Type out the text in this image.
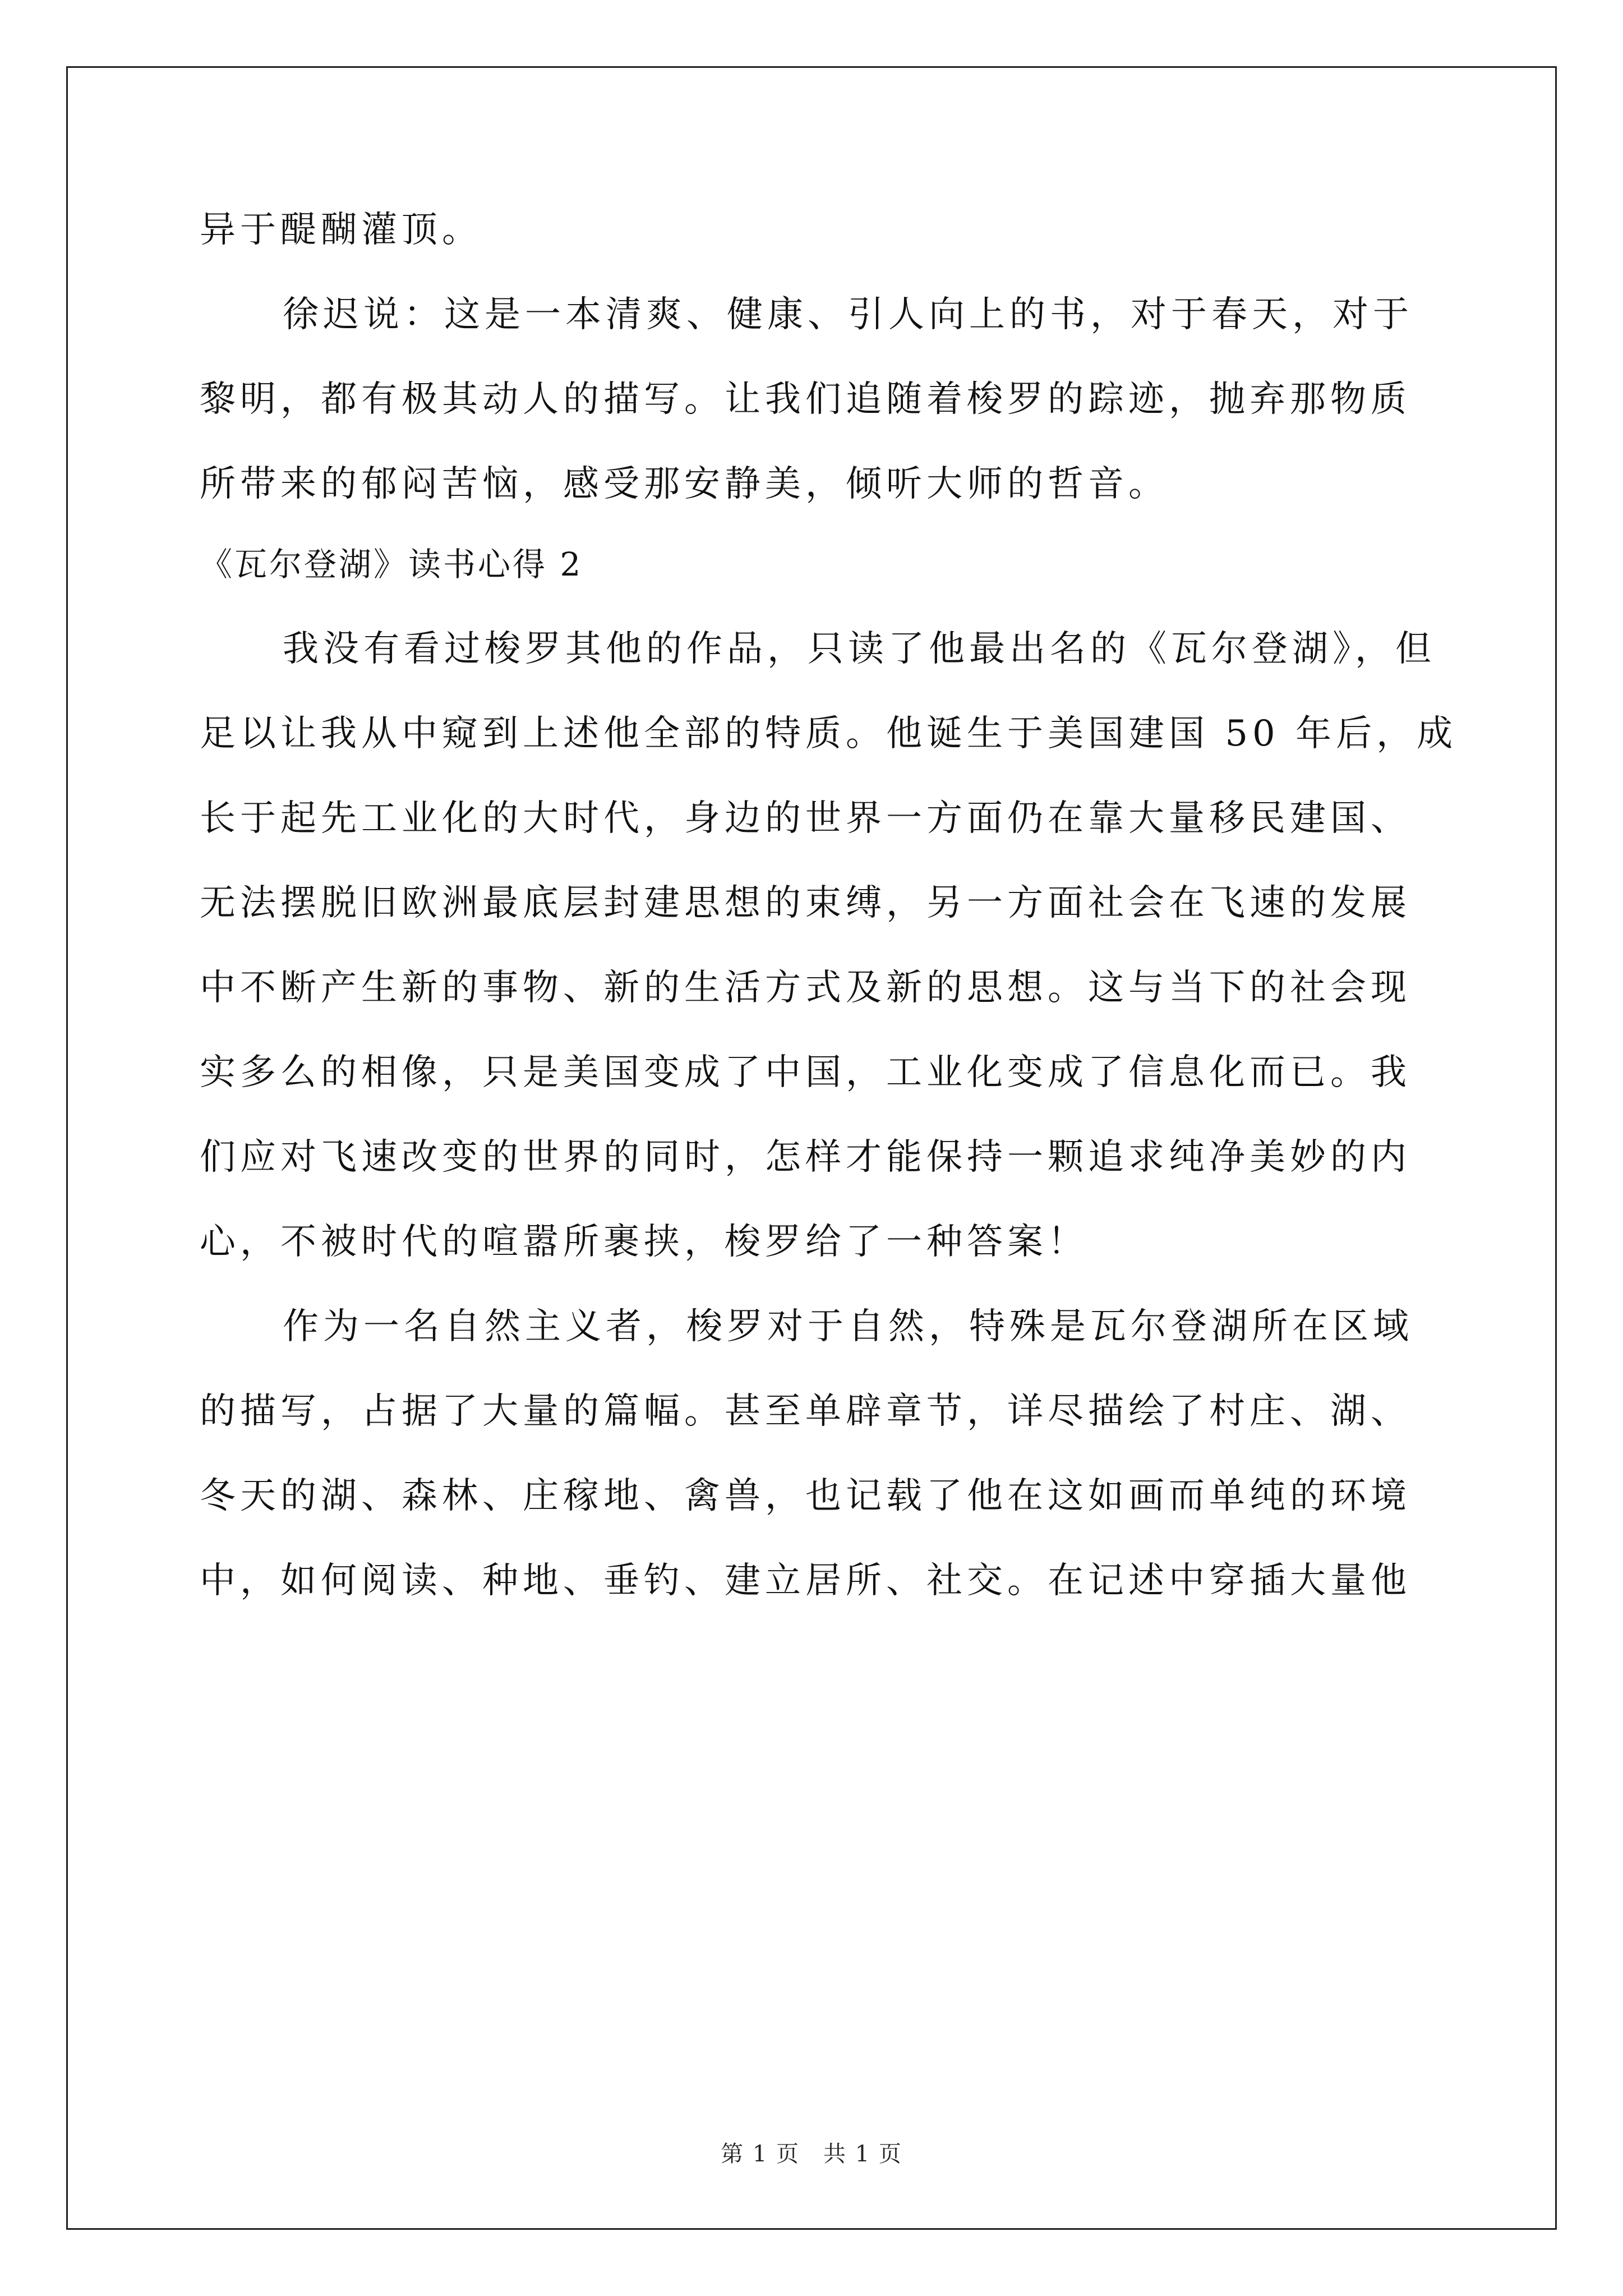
异于醍醐灌顶。
徐迟说：这是一本清爽、健康、引人向上的书，对于春天，对于
黎明，都有极其动人的描写。让我们追随着梭罗的踪迹，抛弃那物质
所带来的郁闷苦恼，感受那安静美，倾听大师的哲音。
《瓦尔登湖》读书心得 2
我没有看过梭罗其他的作品，只读了他最出名的《瓦尔登湖》，但
足以让我从中窥到上述他全部的特质。他诞生于美国建国 50 年后，成
长于起先工业化的大时代，身边的世界一方面仍在靠大量移民建国、
无法摆脱旧欧洲最底层封建思想的束缚，另一方面社会在飞速的发展
中不断产生新的事物、新的生活方式及新的思想。这与当下的社会现
实多么的相像，只是美国变成了中国，工业化变成了信息化而已。我
们应对飞速改变的世界的同时，怎样才能保持一颗追求纯净美妙的内
心，不被时代的喧嚣所裹挟，梭罗给了一种答案！
作为一名自然主义者，梭罗对于自然，特殊是瓦尔登湖所在区域
的描写，占据了大量的篇幅。甚至单辟章节，详尽描绘了村庄、湖、
冬天的湖、森林、庄稼地、禽兽，也记载了他在这如画而单纯的环境
中，如何阅读、种地、垂钓、建立居所、社交。在记述中穿插大量他
第 1 页　共 1 页
